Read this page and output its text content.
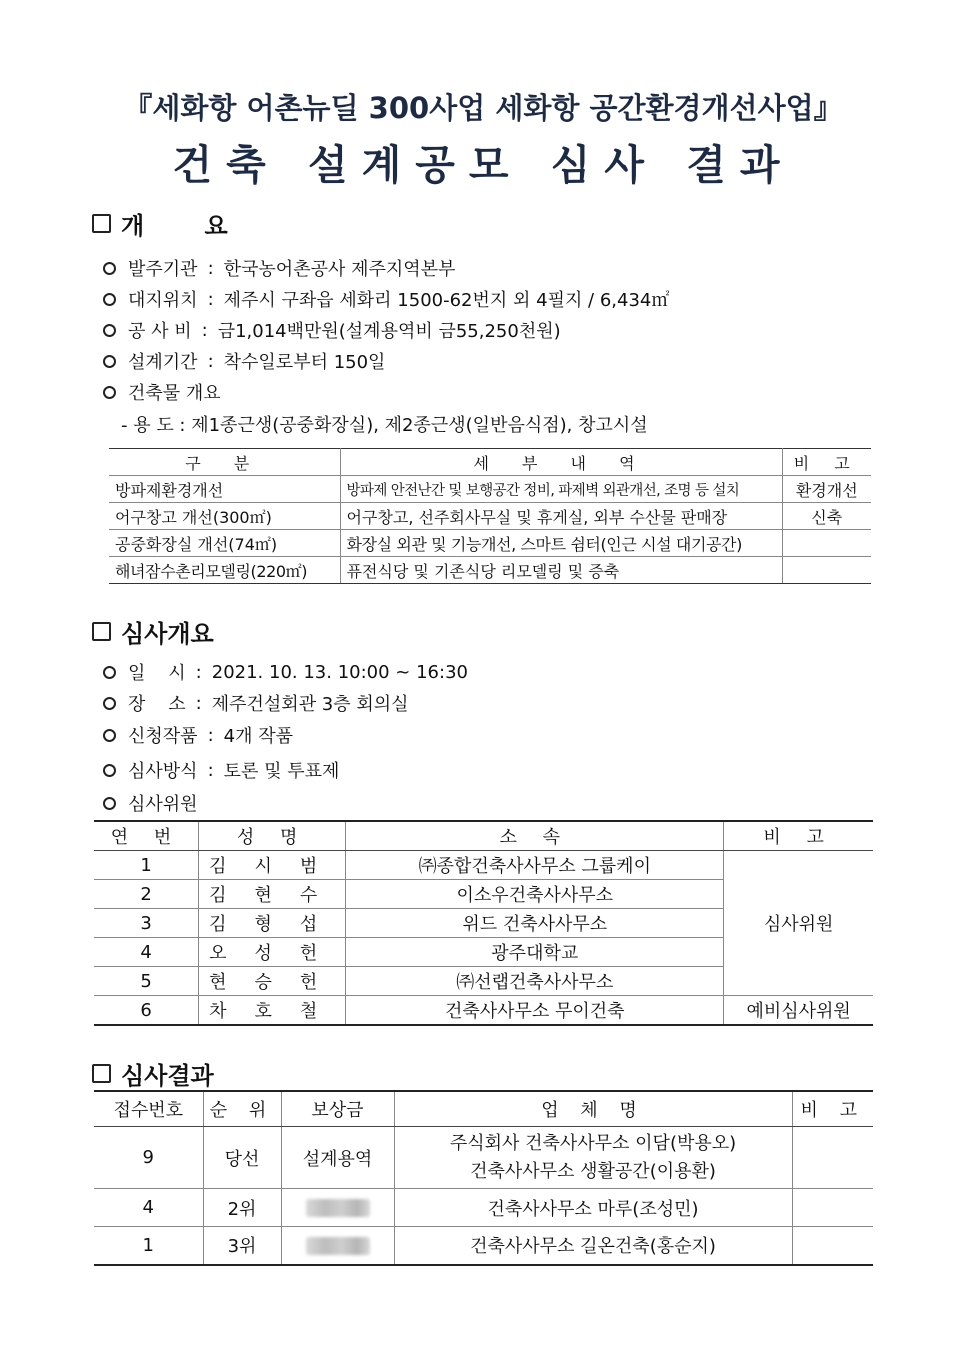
『세화항 어촌뉴딜 300사업 세화항 공간환경개선사업』
건축 설계공모 심사 결과
개 요
발주기관 : 한국농어촌공사 제주지역본부
대지위치 : 제주시 구좌읍 세화리 1500-62번지 외 4필지 / 6,434㎡
공 사 비 : 금1,014백만원(설계용역비 금55,250천원)
설계기간 : 착수일로부터 150일
건축물 개요
- 용 도 : 제1종근생(공중화장실), 제2종근생(일반음식점), 창고시설
구 분	세 부 내 역	비 고
방파제환경개선	방파제 안전난간 및 보행공간 정비, 파제벽 외관개선, 조명 등 설치	환경개선
어구창고 개선(300㎡)	어구창고, 선주회사무실 및 휴게실, 외부 수산물 판매장	신축
공중화장실 개선(74㎡)	화장실 외관 및 기능개선, 스마트 쉼터(인근 시설 대기공간)	
해녀잠수촌리모델링(220㎡)	퓨전식당 및 기존식당 리모델링 및 증축	
심사개요
일    시 : 2021. 10. 13. 10:00 ~ 16:30
장    소 : 제주건설회관 3층 회의실
신청작품 : 4개 작품
심사방식 : 토론 및 투표제
심사위원
연 번	성 명	소 속	비 고
1	김시범	㈜종합건축사사무소 그룹케이	심사위원
2	김현수	이소우건축사사무소	
3	김형섭	위드 건축사사무소	
4	오성헌	광주대학교	
5	현승헌	㈜선랩건축사사무소	
6	차호철	건축사사무소 무이건축	예비심사위원
심사결과
접수번호	순 위	보상금	업 체 명	비 고
9	당선	설계용역	주식회사 건축사사무소 이담(박용오)
건축사사무소 생활공간(이용환)	

4	2위		건축사사무소 마루(조성민)	
1	3위		건축사사무소 길온건축(홍순지)	
